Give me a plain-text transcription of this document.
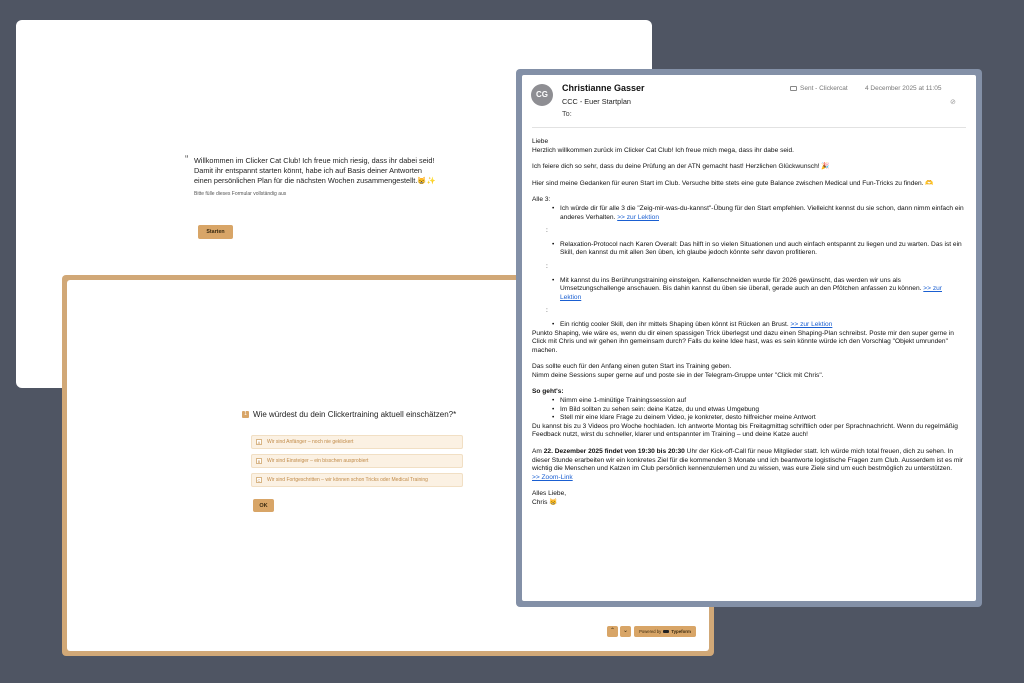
“ Willkommen im Clicker Cat Club! Ich freue mich riesig, dass ihr dabei seid!
Damit ihr entspannt starten könnt, habe ich auf Basis deiner Antworten
einen persönlichen Plan für die nächsten Wochen zusammengestellt.😸✨
Bitte fülle dieses Formular vollständig aus
Starten
1 Wie würdest du dein Clickertraining aktuell einschätzen?*
A	Wir sind Anfänger – noch nie geklickert
B	Wir sind Einsteiger – ein bisschen ausprobiert
C	Wir sind Fortgeschritten – wir können schon Tricks oder Medical Training
OK
⌃	⌄	Powered by Typeform
CG
Christianne Gasser
CCC - Euer Startplan
To:
Sent - Clickercat	4 December 2025 at 11:05
⊘

Liebe

Herzlich willkommen zurück im Clicker Cat Club! Ich freue mich mega, dass ihr dabe seid.

Ich feiere dich so sehr, dass du deine Prüfung an der ATN gemacht hast! Herzlichen Glückwunsch! 🎉

Hier sind meine Gedanken für euren Start im Club. Versuche bitte stets eine gute Balance zwischen Medical und Fun-Tricks zu finden. 🫶

Alle 3:

• Ich würde dir für alle 3 die "Zeig-mir-was-du-kannst"-Übung für den Start empfehlen. Vielleicht kennst du sie schon, dann nimm einfach ein anderes Verhalten. >> zur Lektion
:
• Relaxation-Protocol nach Karen Overall: Das hilft in so vielen Situationen und auch einfach entspannt zu liegen und zu warten. Das ist ein Skill, den kannst du mit allen 3en üben, ich glaube jedoch könnte sehr davon profitieren.
:
• Mit kannst du ins Berührungstraining einsteigen. Kallenschneiden wurde für 2026 gewünscht, das werden wir uns als Umsetzungschallenge anschauen. Bis dahin kannst du üben sie überall, gerade auch an den Pfötchen anfassen zu können. >> zur Lektion
:
• Ein richtig cooler Skill, den ihr mittels Shaping üben könnt ist Rücken an Brust. >> zur Lektion

Punkto Shaping, wie wäre es, wenn du dir einen spassigen Trick überlegst und dazu einen Shaping-Plan schreibst. Poste mir den super gerne in Click mit Chris und wir gehen ihn gemeinsam durch? Falls du keine Idee hast, was es sein könnte würde ich den Vorschlag "Objekt umrunden" machen.

Das sollte euch für den Anfang einen guten Start ins Training geben.

Nimm deine Sessions super gerne auf und poste sie in der Telegram-Gruppe unter "Click mit Chris".

So geht's:

• Nimm eine 1-minütige Trainingssession auf
• Im Bild sollten zu sehen sein: deine Katze, du und etwas Umgebung
• Stell mir eine klare Frage zu deinem Video, je konkreter, desto hilfreicher meine Antwort

Du kannst bis zu 3 Videos pro Woche hochladen. Ich antworte Montag bis Freitagmittag schriftlich oder per Sprachnachricht. Wenn du regelmäßig Feedback nutzt, wirst du schneller, klarer und entspannter im Training – und deine Katze auch!

Am 22. Dezember 2025 findet von 19:30 bis 20:30 Uhr der Kick-off-Call für neue Mitglieder statt. Ich würde mich total freuen, dich zu sehen. In dieser Stunde erarbeiten wir ein konkretes Ziel für die kommenden 3 Monate und ich beantworte logistische Fragen zum Club. Ausserdem ist es mir wichtig die Menschen und Katzen im Club persönlich kennenzulernen und zu wissen, was eure Ziele sind um euch bestmöglich zu unterstützen.

>> Zoom-Link

Alles Liebe,

Chris 😸
